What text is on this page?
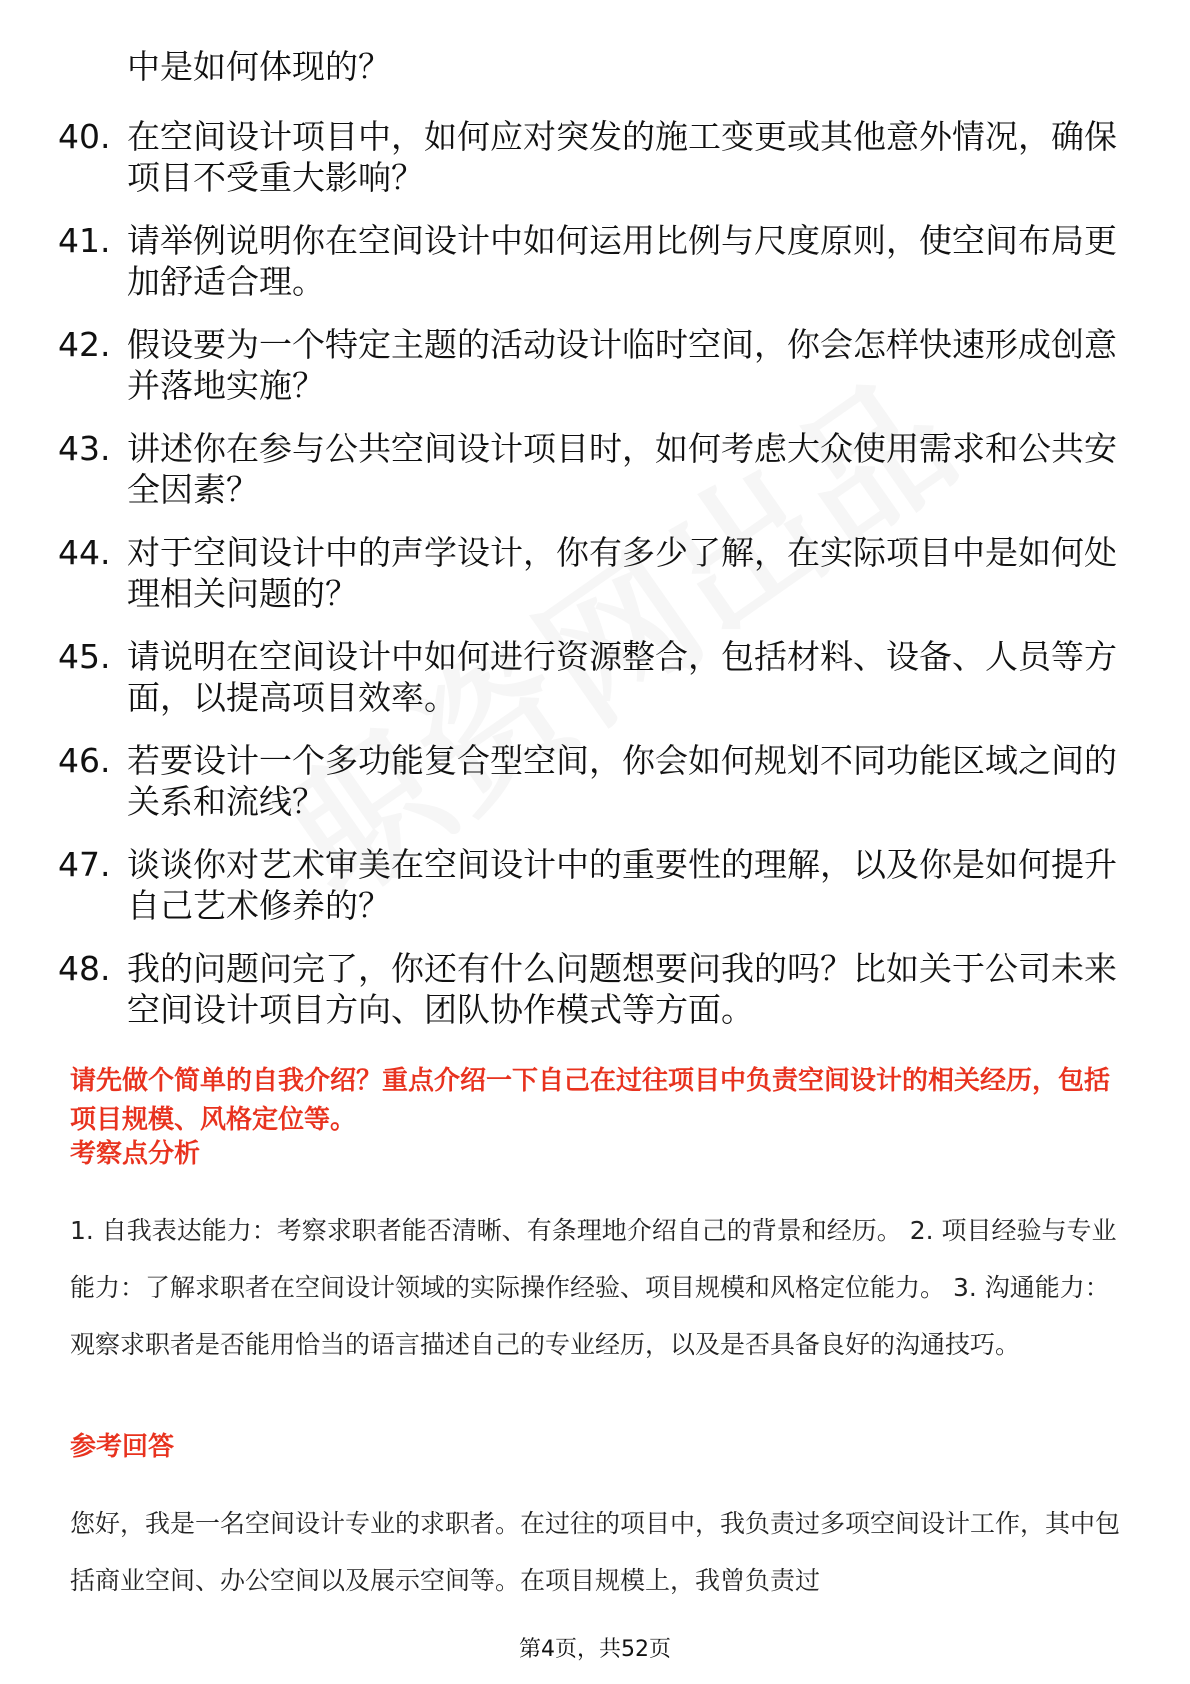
中是如何体现的？
40. 在空间设计项目中，如何应对突发的施工变更或其他意外情况，确保项目不受重大影响？
41. 请举例说明你在空间设计中如何运用比例与尺度原则，使空间布局更加舒适合理。
42. 假设要为一个特定主题的活动设计临时空间，你会怎样快速形成创意并落地实施？
43. 讲述你在参与公共空间设计项目时，如何考虑大众使用需求和公共安全因素？
44. 对于空间设计中的声学设计，你有多少了解，在实际项目中是如何处理相关问题的？
45. 请说明在空间设计中如何进行资源整合，包括材料、设备、人员等方面，以提高项目效率。
46. 若要设计一个多功能复合型空间，你会如何规划不同功能区域之间的关系和流线？
47. 谈谈你对艺术审美在空间设计中的重要性的理解，以及你是如何提升自己艺术修养的？
48. 我的问题问完了，你还有什么问题想要问我的吗？比如关于公司未来空间设计项目方向、团队协作模式等方面。
请先做个简单的自我介绍？重点介绍一下自己在过往项目中负责空间设计的相关经历，包括项目规模、风格定位等。
考察点分析
1. 自我表达能力：考察求职者能否清晰、有条理地介绍自己的背景和经历。 2. 项目经验与专业能力：了解求职者在空间设计领域的实际操作经验、项目规模和风格定位能力。 3. 沟通能力：观察求职者是否能用恰当的语言描述自己的专业经历，以及是否具备良好的沟通技巧。
参考回答
您好，我是一名空间设计专业的求职者。在过往的项目中，我负责过多项空间设计工作，其中包括商业空间、办公空间以及展示空间等。在项目规模上，我曾负责过
第4页，共52页
